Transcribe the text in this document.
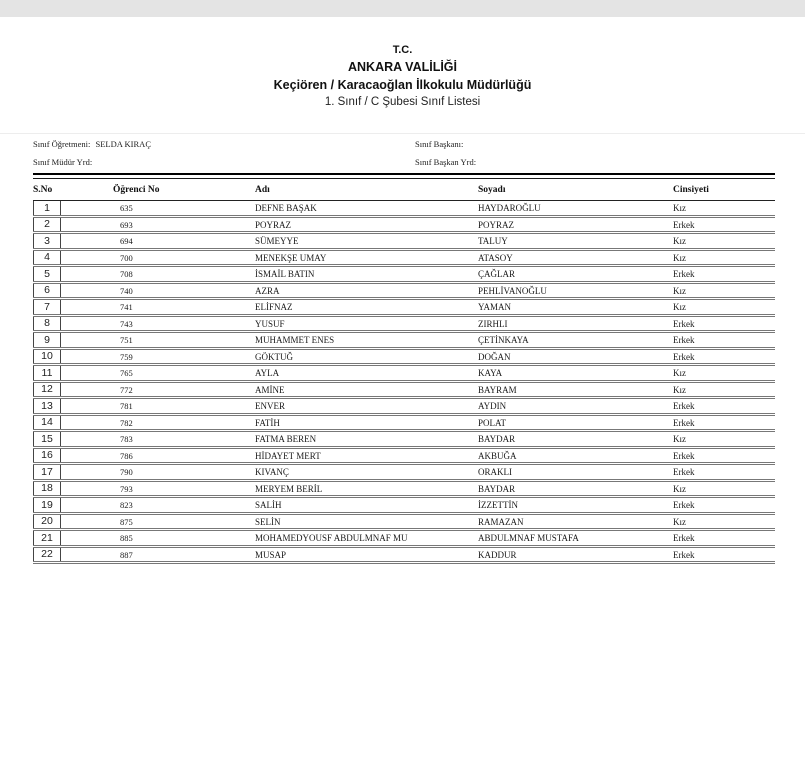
T.C.
ANKARA VALİLİĞİ
Keçiören / Karacaoğlan İlkokulu Müdürlüğü
1. Sınıf / C Şubesi Sınıf Listesi
Sınıf Öğretmeni: SELDA KIRAÇ
Sınıf Müdür Yrd:
Sınıf Başkanı:
Sınıf Başkan Yrd:
S.No	Öğrenci No	Adı	Soyadı	Cinsiyeti
1	635	DEFNE BAŞAK	HAYDAROĞLU	Kız
2	693	POYRAZ	POYRAZ	Erkek
3	694	SÜMEYYE	TALUY	Kız
4	700	MENEKŞE UMAY	ATASOY	Kız
5	708	İSMAİL BATIN	ÇAĞLAR	Erkek
6	740	AZRA	PEHLİVANOĞLU	Kız
7	741	ELİFNAZ	YAMAN	Kız
8	743	YUSUF	ZIRHLI	Erkek
9	751	MUHAMMET ENES	ÇETİNKAYA	Erkek
10	759	GÖKTUĞ	DOĞAN	Erkek
11	765	AYLA	KAYA	Kız
12	772	AMİNE	BAYRAM	Kız
13	781	ENVER	AYDIN	Erkek
14	782	FATİH	POLAT	Erkek
15	783	FATMA BEREN	BAYDAR	Kız
16	786	HİDAYET MERT	AKBUĞA	Erkek
17	790	KIVANÇ	ORAKLI	Erkek
18	793	MERYEM BERİL	BAYDAR	Kız
19	823	SALİH	İZZETTİN	Erkek
20	875	SELİN	RAMAZAN	Kız
21	885	MOHAMEDYOUSF ABDULMNAF MU	ABDULMNAF MUSTAFA	Erkek
22	887	MUSAP	KADDUR	Erkek
